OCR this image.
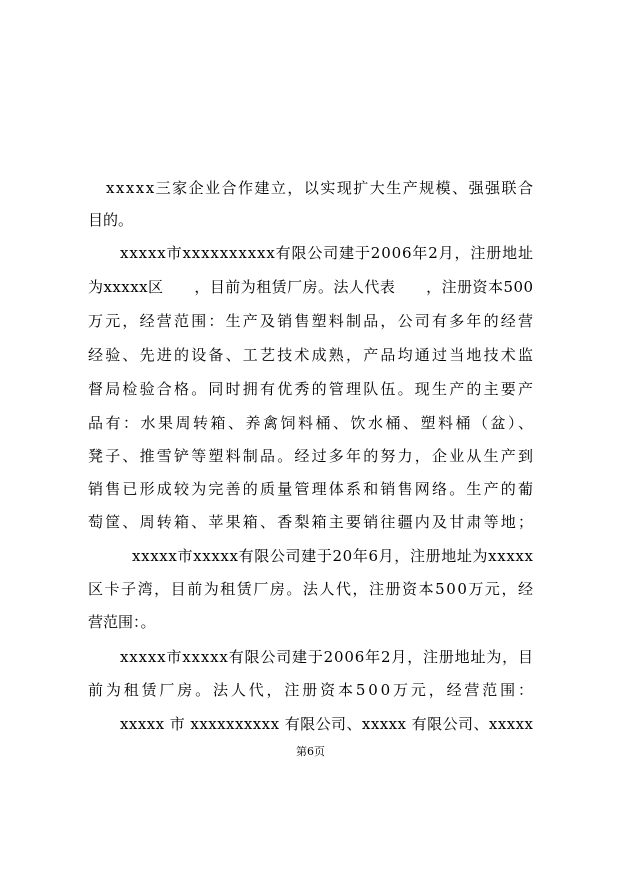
xxxxx三家企业合作建立，以实现扩大生产规模、强强联合
目的。
xxxxx市xxxxxxxxxx有限公司建于2006年2月，注册地址
为xxxxx区　　，目前为租赁厂房。法人代表　　，注册资本500
万元，经营范围：生产及销售塑料制品，公司有多年的经营
经验、先进的设备、工艺技术成熟，产品均通过当地技术监
督局检验合格。同时拥有优秀的管理队伍。现生产的主要产
品有：水果周转箱、养禽饲料桶、饮水桶、塑料桶（盆）、
凳子、推雪铲等塑料制品。经过多年的努力，企业从生产到
销售已形成较为完善的质量管理体系和销售网络。生产的葡
萄筐、周转箱、苹果箱、香梨箱主要销往疆内及甘肃等地；
xxxxx市xxxxx有限公司建于20年6月，注册地址为xxxxx
区卡子湾，目前为租赁厂房。法人代，注册资本500万元，经
营范围：。
xxxxx市xxxxx有限公司建于2006年2月，注册地址为，目
前为租赁厂房。法人代，注册资本500万元，经营范围：
xxxxx 市 xxxxxxxxxx 有限公司、xxxxx 有限公司、xxxxx
第6页
